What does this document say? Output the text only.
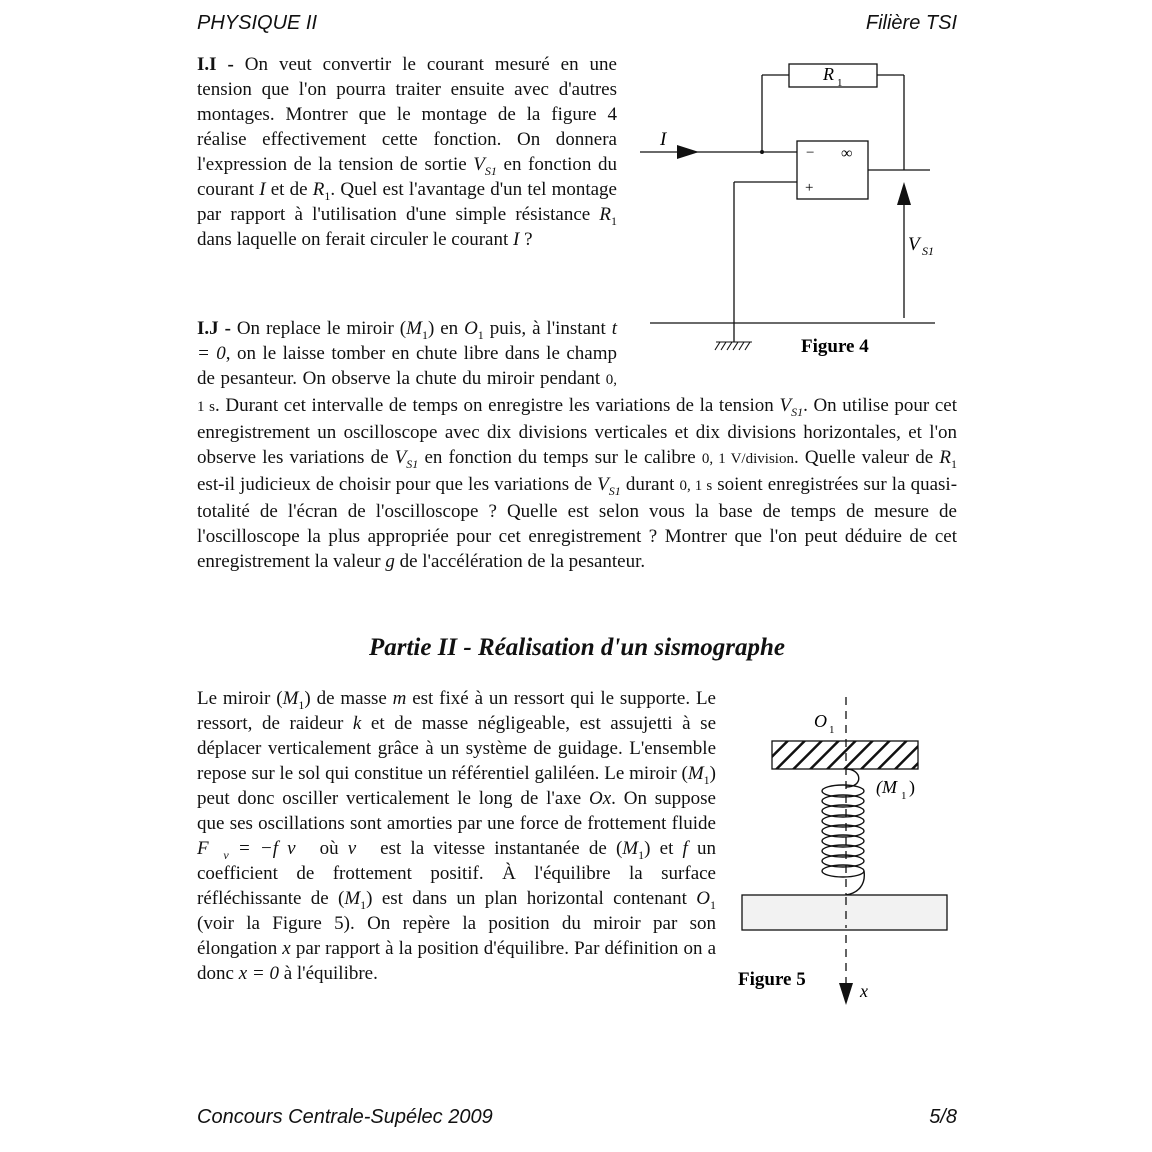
PHYSIQUE II	Filière TSI

I.I - On veut convertir le courant mesuré en une tension que l'on pourra traiter ensuite avec d'autres montages. Montrer que le montage de la figure 4 réalise effectivement cette fonction. On donnera l'expression de la tension de sortie $V_{S1}$ en fonction du courant I et de $R_1$. Quel est l'avantage d'un tel montage par rapport à l'utilisation d'une simple résistance $R_1$ dans laquelle on ferait circuler le courant I ?

R 1
I
− ∞
+
V S1
Figure 4
I.J - On replace le miroir $(M_1)$ en $O_1$ puis, à l'instant t = 0, on le laisse tomber en chute libre dans le champ de pesanteur. On observe la chute du miroir pendant 0, 1 s. Durant cet intervalle de temps on enregistre les variations de la tension $V_{S1}$. On utilise pour cet enregistrement un oscilloscope avec dix divisions verticales et dix divisions horizontales, et l'on observe les variations de $V_{S1}$ en fonction du temps sur le calibre 0, 1 V/division. Quelle valeur de $R_1$ est-il judicieux de choisir pour que les variations de $V_{S1}$ durant 0, 1 s soient enregistrées sur la quasi-totalité de l'écran de l'oscilloscope ? Quelle est selon vous la base de temps de mesure de l'oscilloscope la plus appropriée pour cet enregistrement ? Montrer que l'on peut déduire de cet enregistrement la valeur g de l'accélération de la pesanteur.
Partie II - Réalisation d'un sismographe

Le miroir $(M_1)$ de masse m est fixé à un ressort qui le supporte. Le ressort, de raideur k et de masse négligeable, est assujetti à se déplacer verticalement grâce à un système de guidage. L'ensemble repose sur le sol qui constitue un référentiel galiléen. Le miroir $(M_1)$ peut donc osciller verticalement le long de l'axe Ox. On suppose que ses oscillations sont amorties par une force de frottement fluide $F⃗_v = -f$ v⃗ où v⃗ est la vitesse instantanée de $(M_1)$ et f un coefficient de frottement positif. À l'équilibre la surface réfléchissante de $(M_1)$ est dans un plan horizontal contenant $O_1$ (voir la Figure 5). On repère la position du miroir par son élongation x par rapport à la position d'équilibre. Par définition on a donc x = 0 à l'équilibre.

O 1
(M 1 )
x
Figure 5
Concours Centrale-Supélec 2009	5/8
